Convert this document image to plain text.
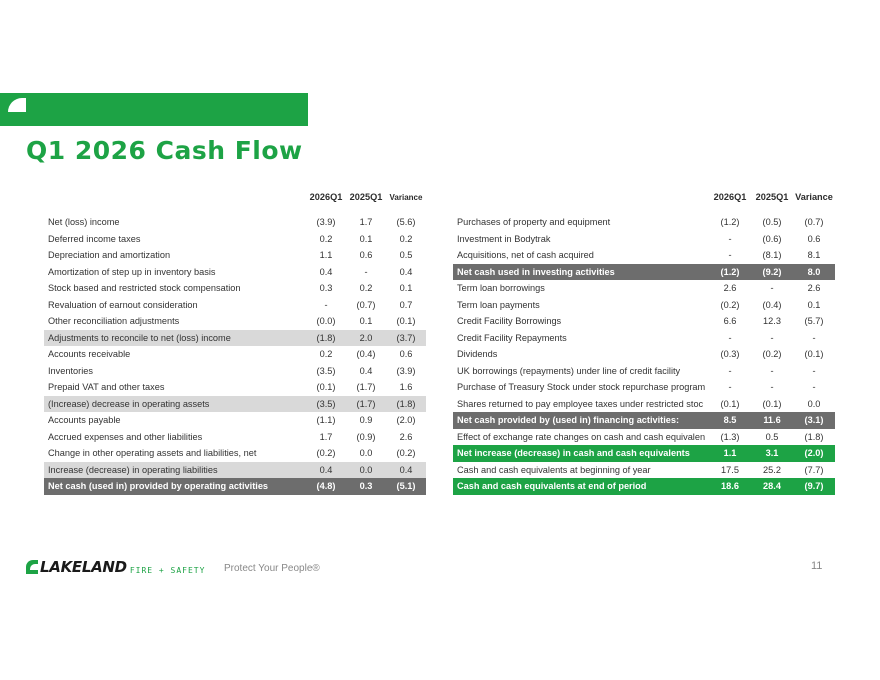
Q1 2026 Cash Flow
	2026Q1	2025Q1	Variance

Net (loss) income	(3.9)	1.7	(5.6)
Deferred income taxes	0.2	0.1	0.2
Depreciation and amortization	1.1	0.6	0.5
Amortization of step up in inventory basis	0.4	-	0.4
Stock based and restricted stock compensation	0.3	0.2	0.1
Revaluation of earnout consideration	-	(0.7)	0.7
Other reconciliation adjustments	(0.0)	0.1	(0.1)
Adjustments to reconcile to net (loss) income	(1.8)	2.0	(3.7)
Accounts receivable	0.2	(0.4)	0.6
Inventories	(3.5)	0.4	(3.9)
Prepaid VAT and other taxes	(0.1)	(1.7)	1.6
(Increase) decrease in operating assets	(3.5)	(1.7)	(1.8)
Accounts payable	(1.1)	0.9	(2.0)
Accrued expenses and other liabilities	1.7	(0.9)	2.6
Change in other operating assets and liabilities, net	(0.2)	0.0	(0.2)
Increase (decrease) in operating liabilities	0.4	0.0	0.4
Net cash (used in) provided by operating activities	(4.8)	0.3	(5.1)
	2026Q1	2025Q1	Variance

Purchases of property and equipment	(1.2)	(0.5)	(0.7)
Investment in Bodytrak	-	(0.6)	0.6
Acquisitions, net of cash acquired	-	(8.1)	8.1
Net cash used in investing activities	(1.2)	(9.2)	8.0
Term loan borrowings	2.6	-	2.6
Term loan payments	(0.2)	(0.4)	0.1
Credit Facility Borrowings	6.6	12.3	(5.7)
Credit Facility Repayments	-	-	-
Dividends	(0.3)	(0.2)	(0.1)
UK borrowings (repayments) under line of credit facility	-	-	-
Purchase of Treasury Stock under stock repurchase program	-	-	-
Shares returned to pay employee taxes under restricted stoc	(0.1)	(0.1)	0.0
Net cash provided by (used in) financing activities:	8.5	11.6	(3.1)
Effect of exchange rate changes on cash and cash equivalen	(1.3)	0.5	(1.8)
Net increase (decrease) in cash and cash equivalents	1.1	3.1	(2.0)
Cash and cash equivalents at beginning of year	17.5	25.2	(7.7)
Cash and cash equivalents at end of period	18.6	28.4	(9.7)
LAKELAND FIRE + SAFETY Protect Your People®	11
